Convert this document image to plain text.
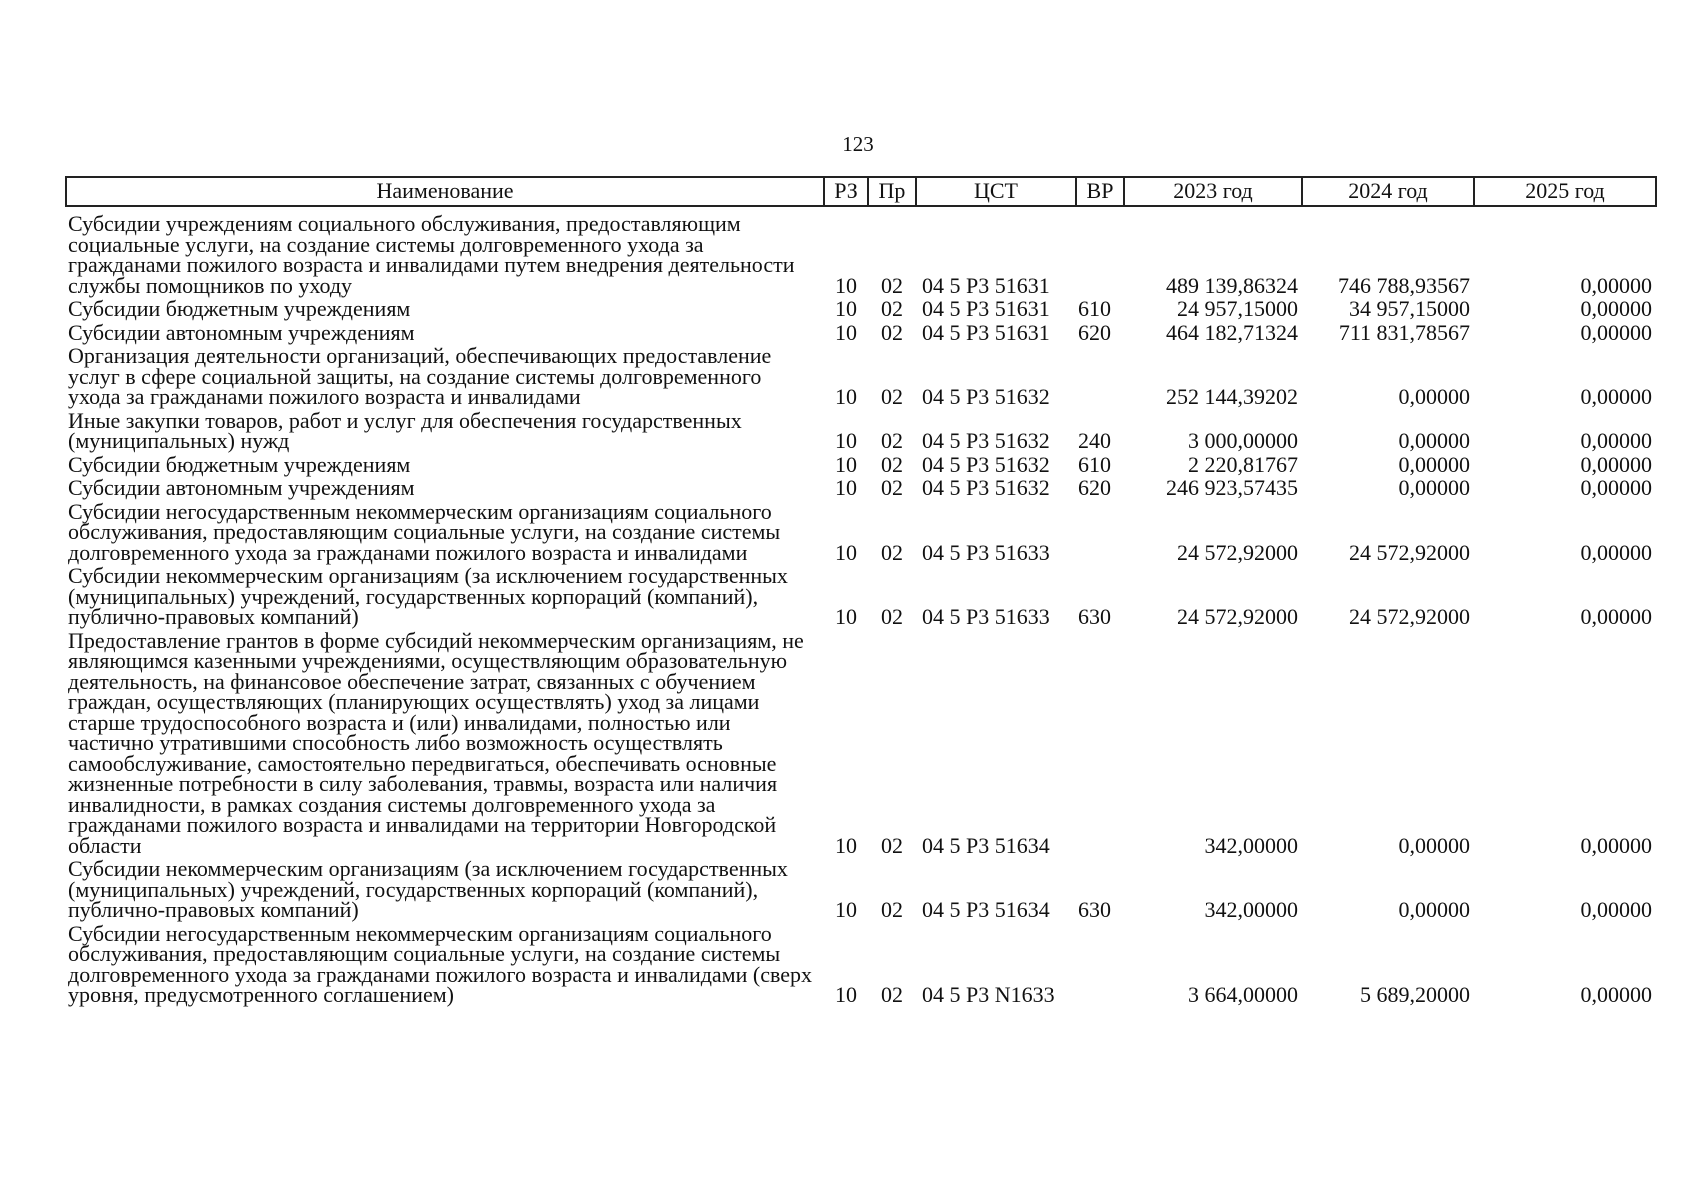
123
Наименование	РЗ	Пр	ЦСТ	ВР	2023 год	2024 год	2025 год
Субсидии учреждениям социального обслуживания, предоставляющим социальные услуги, на создание системы долговременного ухода за гражданами пожилого возраста и инвалидами путем внедрения деятельности службы помощников по уходу	10	02	04 5 Р3 51631		489 139,86324	746 788,93567	0,00000
Субсидии бюджетным учреждениям	10	02	04 5 Р3 51631	610	24 957,15000	34 957,15000	0,00000
Субсидии автономным учреждениям	10	02	04 5 Р3 51631	620	464 182,71324	711 831,78567	0,00000
Организация деятельности организаций, обеспечивающих предоставление услуг в сфере социальной защиты, на создание системы долговременного ухода за гражданами пожилого возраста и инвалидами	10	02	04 5 Р3 51632		252 144,39202	0,00000	0,00000
Иные закупки товаров, работ и услуг для обеспечения государственных (муниципальных) нужд	10	02	04 5 Р3 51632	240	3 000,00000	0,00000	0,00000
Субсидии бюджетным учреждениям	10	02	04 5 Р3 51632	610	2 220,81767	0,00000	0,00000
Субсидии автономным учреждениям	10	02	04 5 Р3 51632	620	246 923,57435	0,00000	0,00000
Субсидии негосударственным некоммерческим организациям социального обслуживания, предоставляющим социальные услуги, на создание системы долговременного ухода за гражданами пожилого возраста и инвалидами	10	02	04 5 Р3 51633		24 572,92000	24 572,92000	0,00000
Субсидии некоммерческим организациям (за исключением государственных (муниципальных) учреждений, государственных корпораций (компаний), публично-правовых компаний)	10	02	04 5 Р3 51633	630	24 572,92000	24 572,92000	0,00000
Предоставление грантов в форме субсидий некоммерческим организациям, не являющимся казенными учреждениями, осуществляющим образовательную деятельность, на финансовое обеспечение затрат, связанных с обучением граждан, осуществляющих (планирующих осуществлять) уход за лицами старше трудоспособного возраста и (или) инвалидами, полностью или частично утратившими способность либо возможность осуществлять самообслуживание, самостоятельно передвигаться, обеспечивать основные жизненные потребности в силу заболевания, травмы, возраста или наличия инвалидности, в рамках создания системы долговременного ухода за гражданами пожилого возраста и инвалидами на территории Новгородской области	10	02	04 5 Р3 51634		342,00000	0,00000	0,00000
Субсидии некоммерческим организациям (за исключением государственных (муниципальных) учреждений, государственных корпораций (компаний), публично-правовых компаний)	10	02	04 5 Р3 51634	630	342,00000	0,00000	0,00000
Субсидии негосударственным некоммерческим организациям социального обслуживания, предоставляющим социальные услуги, на создание системы долговременного ухода за гражданами пожилого возраста и инвалидами (сверх уровня, предусмотренного соглашением)	10	02	04 5 Р3 N1633		3 664,00000	5 689,20000	0,00000
